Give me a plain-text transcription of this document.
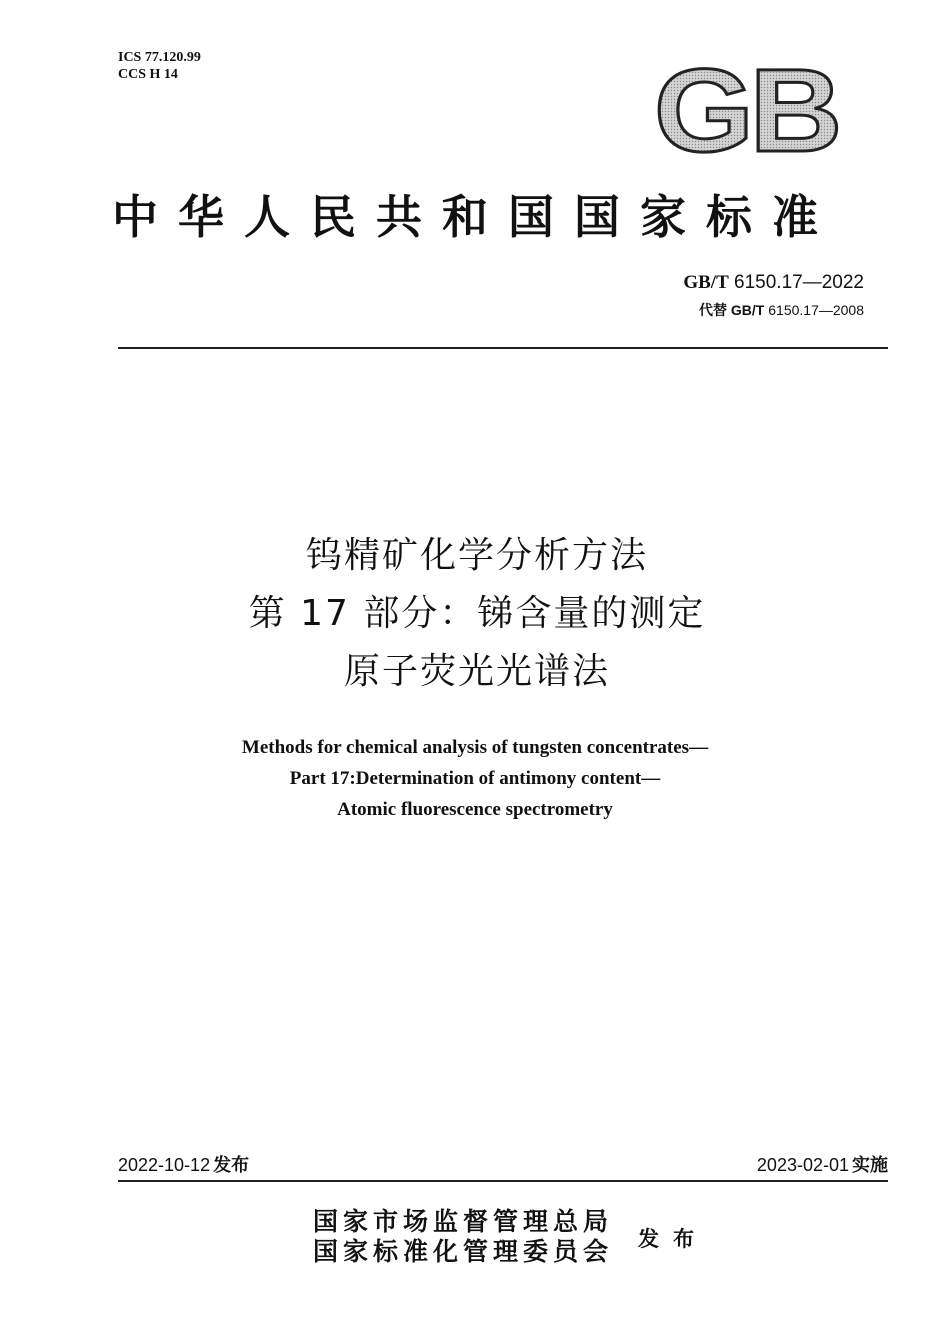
ICS 77.120.99
CCS H 14	GB
中华人民共和国国家标准
GB/T 6150.17—2022
代替 GB/T 6150.17—2008
钨精矿化学分析方法
第 17 部分：锑含量的测定
原子荧光光谱法
Methods for chemical analysis of tungsten concentrates—
Part 17:Determination of antimony content—
Atomic fluorescence spectrometry
2022-10-12 发布	2023-02-01 实施
国家市场监督管理总局
国家标准化管理委员会 发布
